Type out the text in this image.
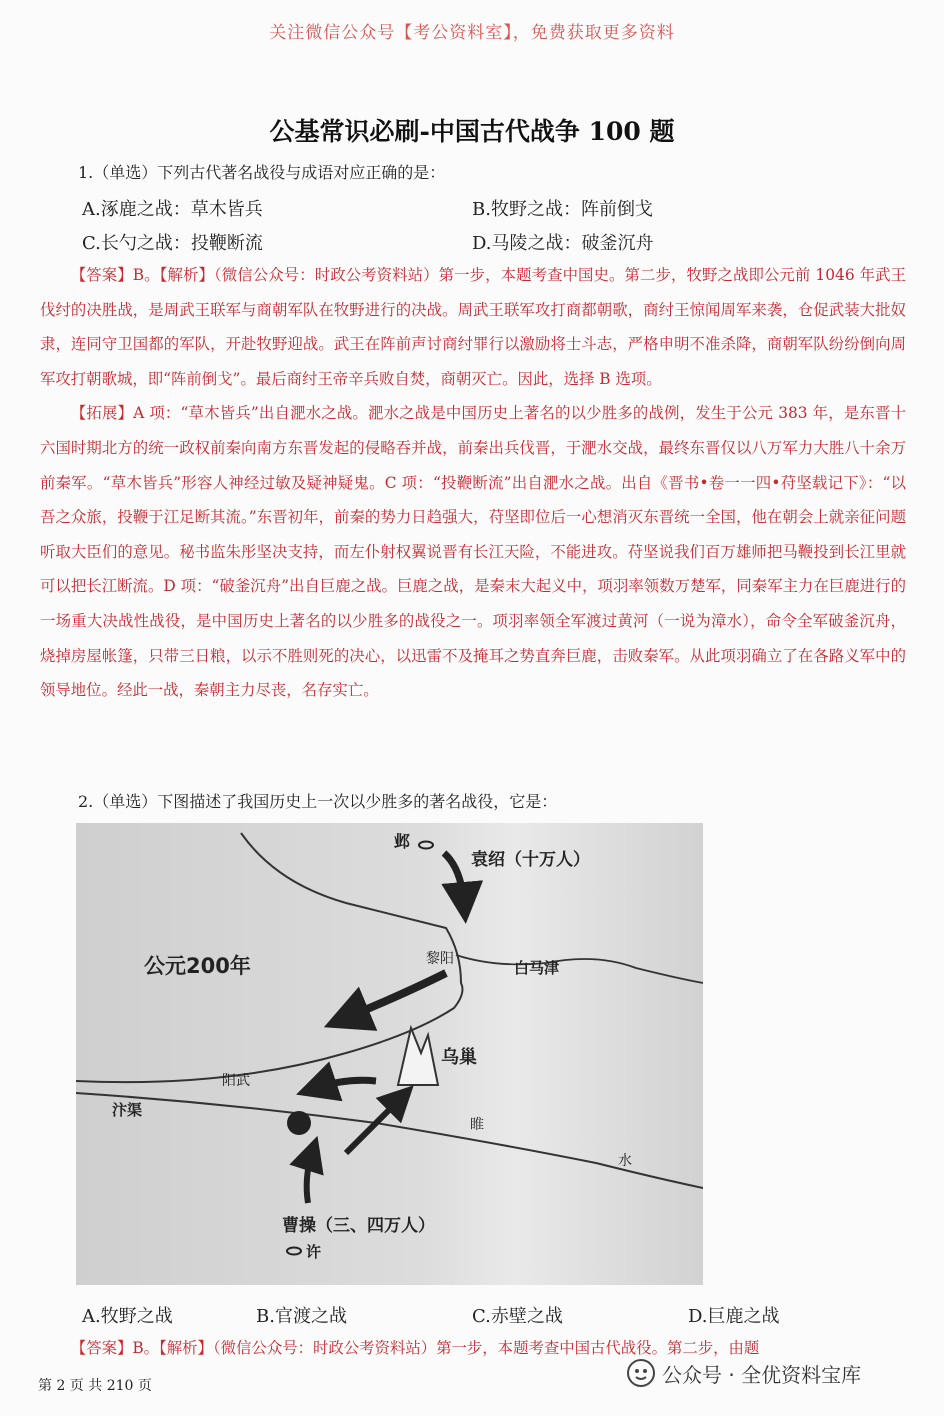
关注微信公众号【考公资料室】，免费获取更多资料
公基常识必刷-中国古代战争 100 题
1.（单选）下列古代著名战役与成语对应正确的是：
A.涿鹿之战：草木皆兵	B.牧野之战：阵前倒戈
C.长勺之战：投鞭断流	D.马陵之战：破釜沉舟

【答案】B。【解析】（微信公众号：时政公考资料站）第一步，本题考查中国史。第二步，牧野之战即公元前 1046 年武王伐纣的决胜战，是周武王联军与商朝军队在牧野进行的决战。周武王联军攻打商都朝歌，商纣王惊闻周军来袭，仓促武装大批奴隶，连同守卫国都的军队，开赴牧野迎战。武王在阵前声讨商纣罪行以激励将士斗志，严格申明不准杀降，商朝军队纷纷倒向周军攻打朝歌城，即“阵前倒戈”。最后商纣王帝辛兵败自焚，商朝灭亡。因此，选择 B 选项。

【拓展】A 项：“草木皆兵”出自淝水之战。淝水之战是中国历史上著名的以少胜多的战例，发生于公元 383 年，是东晋十六国时期北方的统一政权前秦向南方东晋发起的侵略吞并战，前秦出兵伐晋，于淝水交战，最终东晋仅以八万军力大胜八十余万前秦军。“草木皆兵”形容人神经过敏及疑神疑鬼。C 项：“投鞭断流”出自淝水之战。出自《晋书•卷一一四•苻坚载记下》：“以吾之众旅，投鞭于江足断其流。”东晋初年，前秦的势力日趋强大，苻坚即位后一心想消灭东晋统一全国，他在朝会上就亲征问题听取大臣们的意见。秘书监朱彤坚决支持，而左仆射权翼说晋有长江天险，不能进攻。苻坚说我们百万雄师把马鞭投到长江里就可以把长江断流。D 项：“破釜沉舟”出自巨鹿之战。巨鹿之战，是秦末大起义中，项羽率领数万楚军，同秦军主力在巨鹿进行的一场重大决战性战役，是中国历史上著名的以少胜多的战役之一。项羽率领全军渡过黄河（一说为漳水），命令全军破釜沉舟，烧掉房屋帐篷，只带三日粮，以示不胜则死的决心，以迅雷不及掩耳之势直奔巨鹿，击败秦军。从此项羽确立了在各路义军中的领导地位。经此一战，秦朝主力尽丧，名存实亡。

2.（单选）下图描述了我国历史上一次以少胜多的著名战役，它是：
邺
袁绍（十万人）
公元200年	黎阳	白马津
乌巢
阳武
汴渠
睢
水
曹操（三、四万人）
许
A.牧野之战	B.官渡之战	C.赤壁之战	D.巨鹿之战

【答案】B。【解析】（微信公众号：时政公考资料站）第一步，本题考查中国古代战役。第二步，由题

第 2 页 共 210 页	公众号 · 全优资料宝库
